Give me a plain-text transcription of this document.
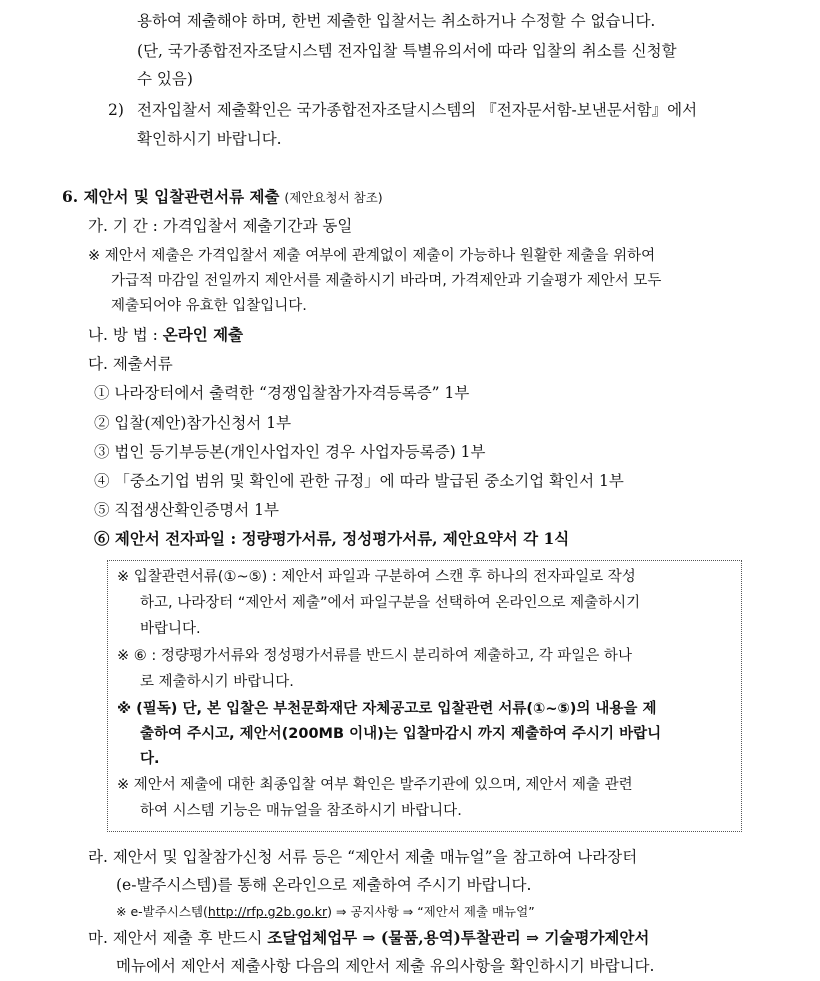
용하여 제출해야 하며, 한번 제출한 입찰서는 취소하거나 수정할 수 없습니다.
(단, 국가종합전자조달시스템 전자입찰 특별유의서에 따라 입찰의 취소를 신청할
수 있음)
2) 전자입찰서 제출확인은 국가종합전자조달시스템의 『전자문서함-보낸문서함』에서
확인하시기 바랍니다.
6. 제안서 및 입찰관련서류 제출 (제안요청서 참조)
가. 기 간 : 가격입찰서 제출기간과 동일
※ 제안서 제출은 가격입찰서 제출 여부에 관계없이 제출이 가능하나 원활한 제출을 위하여
가급적 마감일 전일까지 제안서를 제출하시기 바라며, 가격제안과 기술평가 제안서 모두
제출되어야 유효한 입찰입니다.
나. 방 법 : 온라인 제출
다. 제출서류
① 나라장터에서 출력한 “경쟁입찰참가자격등록증” 1부
② 입찰(제안)참가신청서 1부
③ 법인 등기부등본(개인사업자인 경우 사업자등록증) 1부
④ 「중소기업 범위 및 확인에 관한 규정」에 따라 발급된 중소기업 확인서 1부
⑤ 직접생산확인증명서 1부
⑥ 제안서 전자파일 : 정량평가서류, 정성평가서류, 제안요약서 각 1식
※ 입찰관련서류(①~⑤) : 제안서 파일과 구분하여 스캔 후 하나의 전자파일로 작성
하고, 나라장터 “제안서 제출”에서 파일구분을 선택하여 온라인으로 제출하시기
바랍니다.
※ ⑥ : 정량평가서류와 정성평가서류를 반드시 분리하여 제출하고, 각 파일은 하나
로 제출하시기 바랍니다.
※ (필독) 단, 본 입찰은 부천문화재단 자체공고로 입찰관련 서류(①~⑤)의 내용을 제
출하여 주시고, 제안서(200MB 이내)는 입찰마감시 까지 제출하여 주시기 바랍니
다.
※ 제안서 제출에 대한 최종입찰 여부 확인은 발주기관에 있으며, 제안서 제출 관련
하여 시스템 기능은 매뉴얼을 참조하시기 바랍니다.
라. 제안서 및 입찰참가신청 서류 등은 “제안서 제출 매뉴얼”을 참고하여 나라장터
(e-발주시스템)를 통해 온라인으로 제출하여 주시기 바랍니다.
※ e-발주시스템(http://rfp.g2b.go.kr) ⇒ 공지사항 ⇒ “제안서 제출 매뉴얼”
마. 제안서 제출 후 반드시 조달업체업무 ⇒ (물품,용역)투찰관리 ⇒ 기술평가제안서
메뉴에서 제안서 제출사항 다음의 제안서 제출 유의사항을 확인하시기 바랍니다.
